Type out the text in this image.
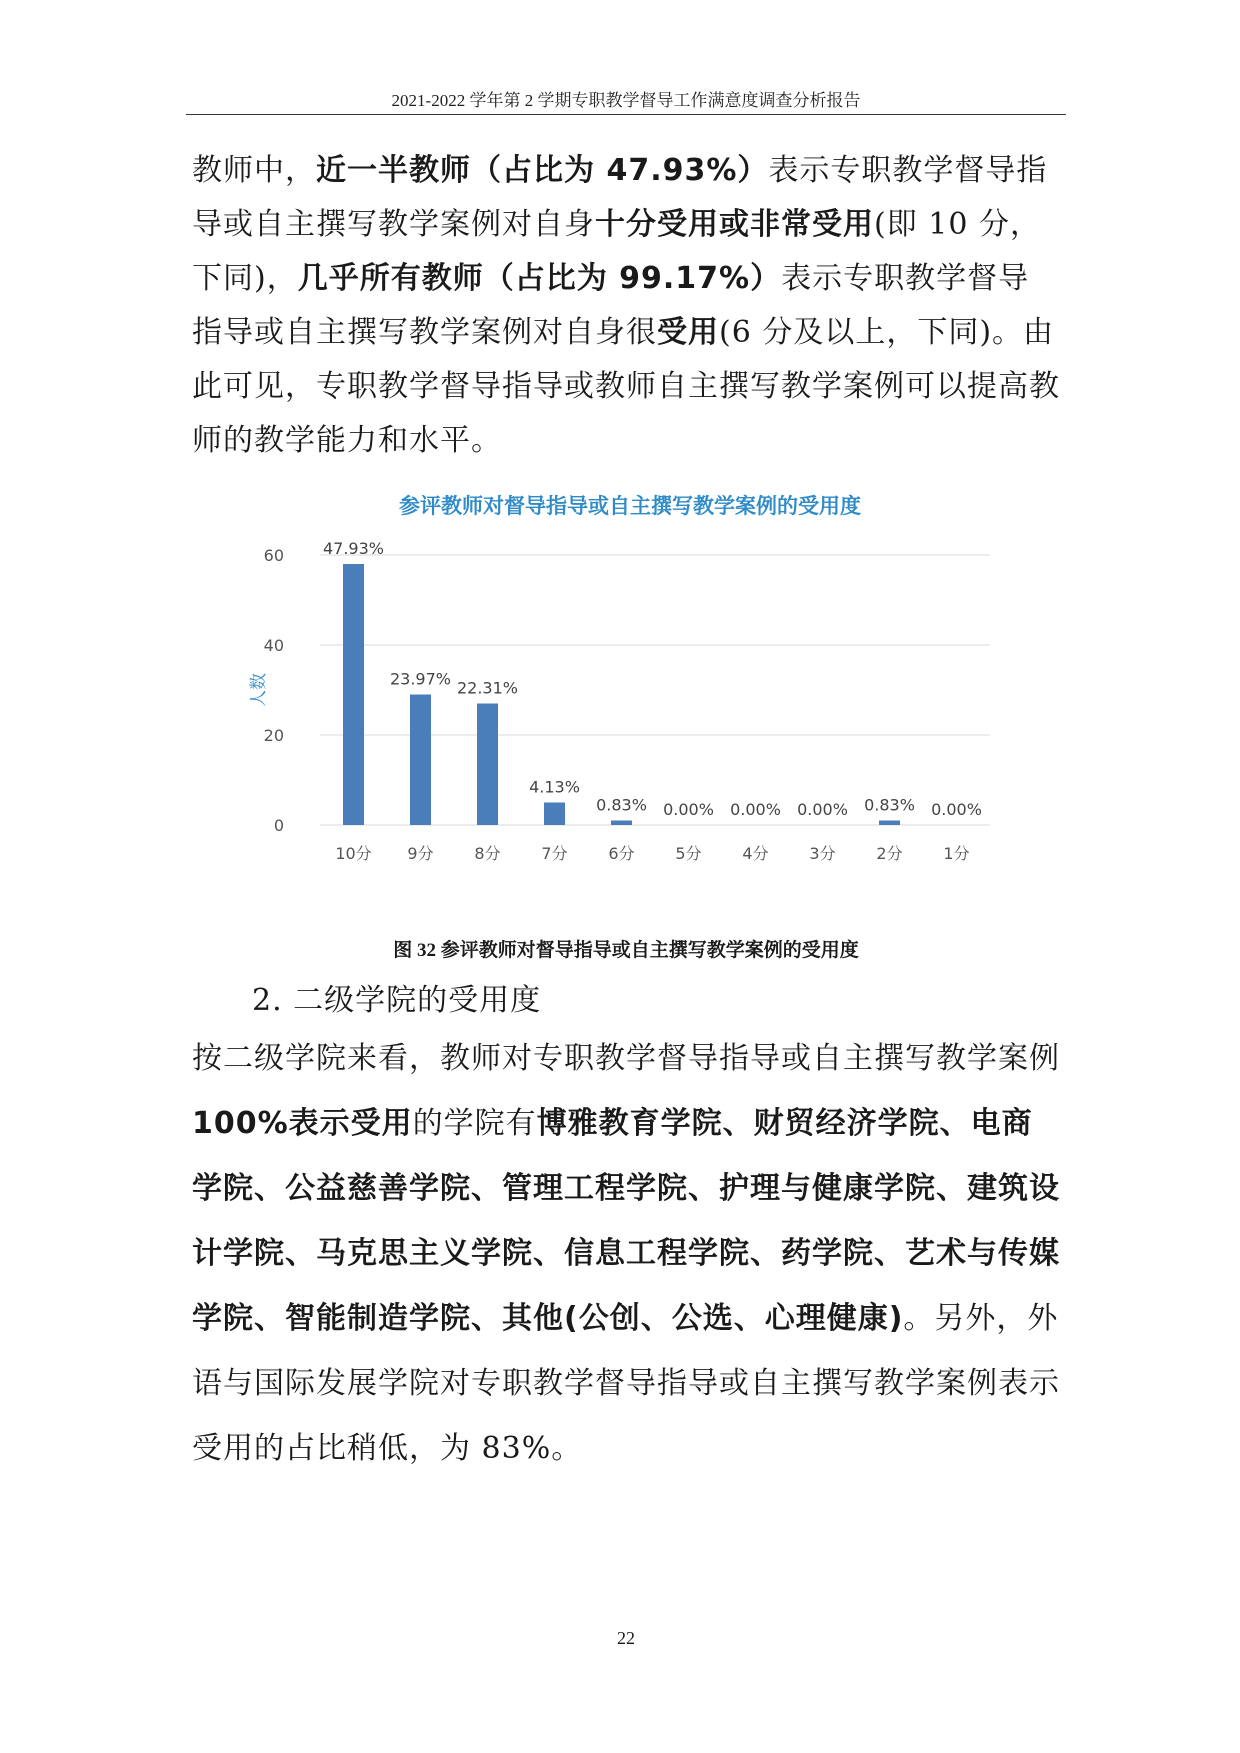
2021-2022 学年第 2 学期专职教学督导工作满意度调查分析报告

教师中，近一半教师（占比为 47.93%）表示专职教学督导指导或自主撰写教学案例对自身十分受用或非常受用(即 10 分，下同)，几乎所有教师（占比为 99.17%）表示专职教学督导指导或自主撰写教学案例对自身很受用(6 分及以上，下同)。由此可见，专职教学督导指导或教师自主撰写教学案例可以提高教师的教学能力和水平。

参评教师对督导指导或自主撰写教学案例的受用度
0
20
40
60
人数
47.93%
10分
23.97%
9分
22.31%
8分
4.13%
7分
0.83%
6分
0.00%
5分
0.00%
4分
0.00%
3分
0.83%
2分
0.00%
1分
图 32 参评教师对督导指导或自主撰写教学案例的受用度
2. 二级学院的受用度

按二级学院来看，教师对专职教学督导指导或自主撰写教学案例 100%表示受用的学院有博雅教育学院、财贸经济学院、电商学院、公益慈善学院、管理工程学院、护理与健康学院、建筑设计学院、马克思主义学院、信息工程学院、药学院、艺术与传媒学院、智能制造学院、其他(公创、公选、心理健康)。另外，外语与国际发展学院对专职教学督导指导或自主撰写教学案例表示受用的占比稍低，为 83%。

22
